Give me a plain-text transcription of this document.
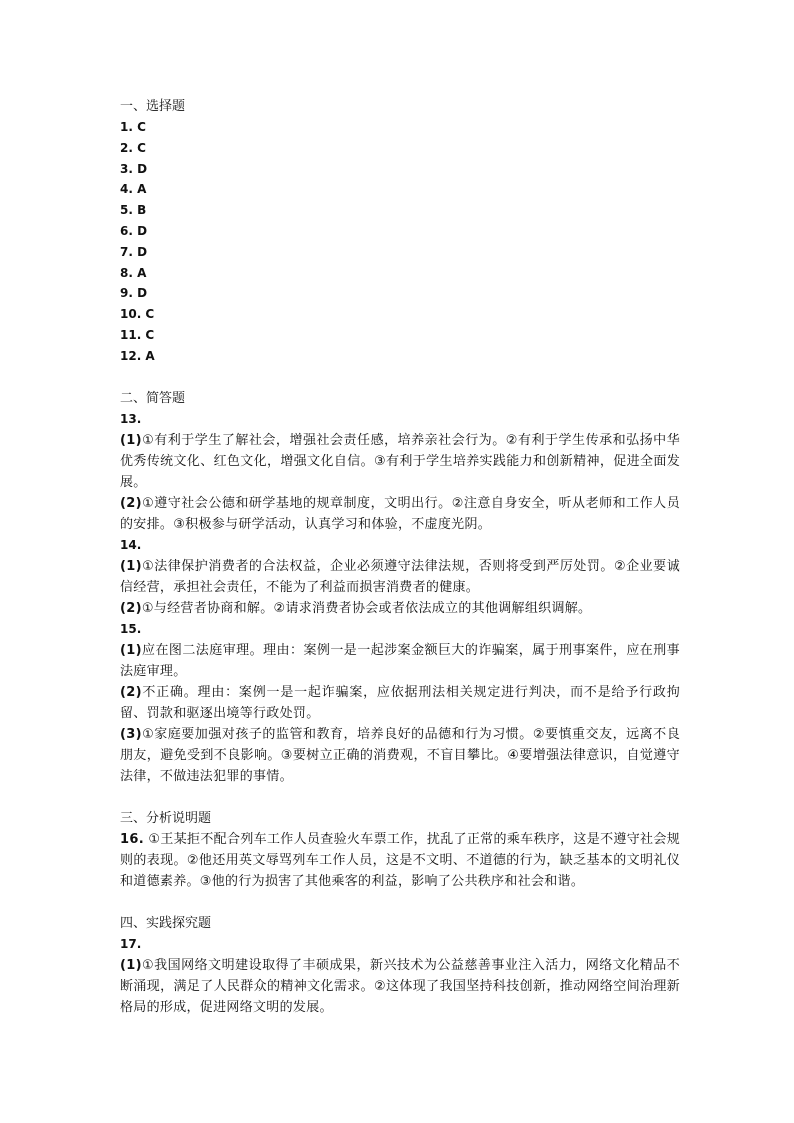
一、选择题
1. C
2. C
3. D
4. A
5. B
6. D
7. D
8. A
9. D
10. C
11. C
12. A
二、简答题
13.
(1)①有利于学生了解社会，增强社会责任感，培养亲社会行为。②有利于学生传承和弘扬中华优秀传统文化、红色文化，增强文化自信。③有利于学生培养实践能力和创新精神，促进全面发展。
(2)①遵守社会公德和研学基地的规章制度，文明出行。②注意自身安全，听从老师和工作人员的安排。③积极参与研学活动，认真学习和体验，不虚度光阴。
14.
(1)①法律保护消费者的合法权益，企业必须遵守法律法规，否则将受到严厉处罚。②企业要诚信经营，承担社会责任，不能为了利益而损害消费者的健康。
(2)①与经营者协商和解。②请求消费者协会或者依法成立的其他调解组织调解。
15.
(1)应在图二法庭审理。理由：案例一是一起涉案金额巨大的诈骗案，属于刑事案件，应在刑事法庭审理。
(2)不正确。理由：案例一是一起诈骗案，应依据刑法相关规定进行判决，而不是给予行政拘留、罚款和驱逐出境等行政处罚。
(3)①家庭要加强对孩子的监管和教育，培养良好的品德和行为习惯。②要慎重交友，远离不良朋友，避免受到不良影响。③要树立正确的消费观，不盲目攀比。④要增强法律意识，自觉遵守法律，不做违法犯罪的事情。
三、分析说明题
16. ①王某拒不配合列车工作人员查验火车票工作，扰乱了正常的乘车秩序，这是不遵守社会规则的表现。②他还用英文辱骂列车工作人员，这是不文明、不道德的行为，缺乏基本的文明礼仪和道德素养。③他的行为损害了其他乘客的利益，影响了公共秩序和社会和谐。
四、实践探究题
17.
(1)①我国网络文明建设取得了丰硕成果，新兴技术为公益慈善事业注入活力，网络文化精品不断涌现，满足了人民群众的精神文化需求。②这体现了我国坚持科技创新，推动网络空间治理新格局的形成，促进网络文明的发展。
